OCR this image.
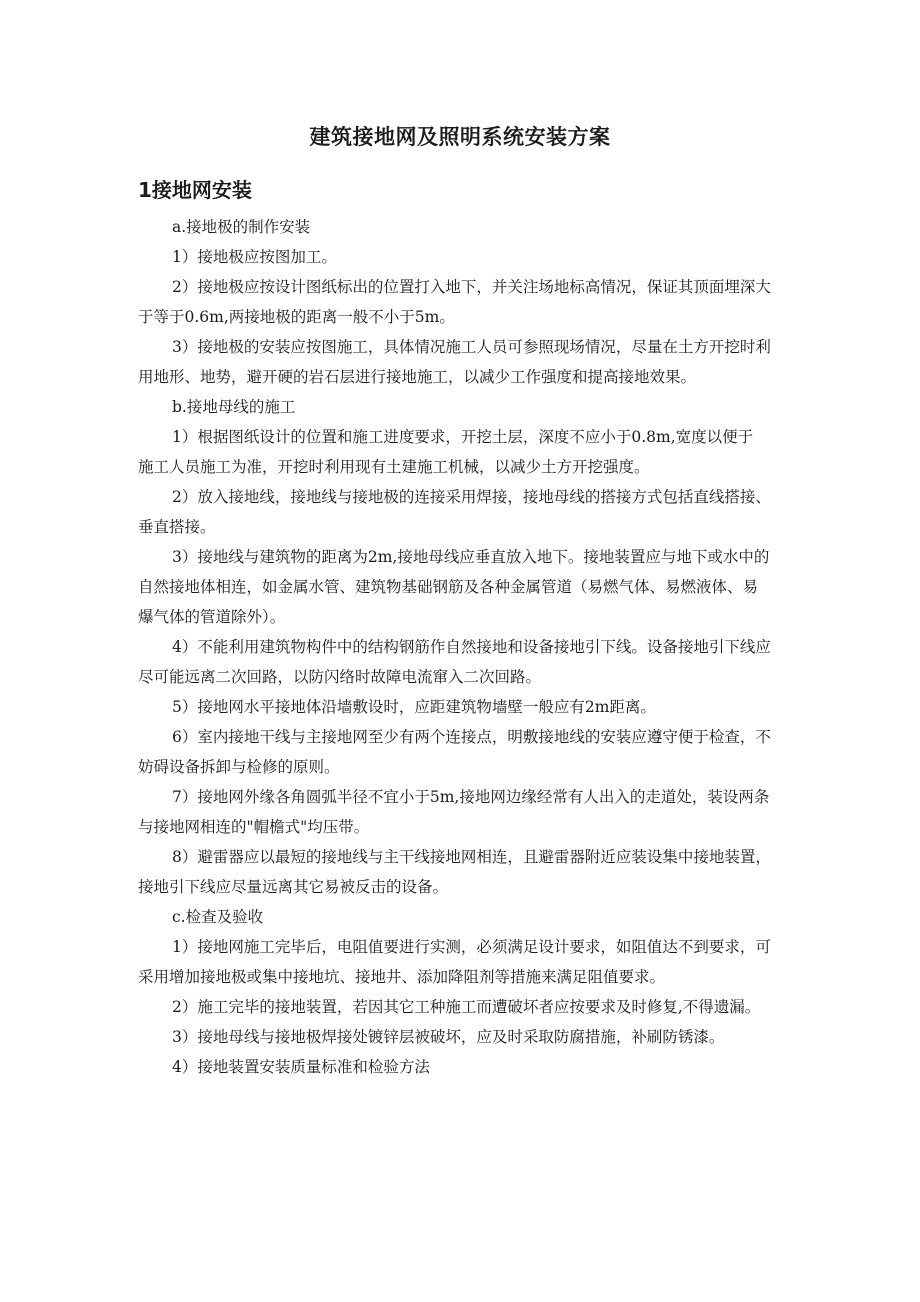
建筑接地网及照明系统安装方案
1接地网安装

a.接地极的制作安装

1）接地极应按图加工。

2）接地极应按设计图纸标出的位置打入地下，并关注场地标高情况，保证其顶面埋深大
于等于0.6m,两接地极的距离一般不小于5m。

3）接地极的安装应按图施工，具体情况施工人员可参照现场情况，尽量在土方开挖时利
用地形、地势，避开硬的岩石层进行接地施工，以减少工作强度和提高接地效果。

b.接地母线的施工

1）根据图纸设计的位置和施工进度要求，开挖土层，深度不应小于0.8m,宽度以便于
施工人员施工为准，开挖时利用现有土建施工机械，以减少土方开挖强度。

2）放入接地线，接地线与接地极的连接采用焊接，接地母线的搭接方式包括直线搭接、
垂直搭接。

3）接地线与建筑物的距离为2m,接地母线应垂直放入地下。接地装置应与地下或水中的
自然接地体相连，如金属水管、建筑物基础钢筋及各种金属管道（易燃气体、易燃液体、易
爆气体的管道除外）。

4）不能利用建筑物构件中的结构钢筋作自然接地和设备接地引下线。设备接地引下线应
尽可能远离二次回路，以防闪络时故障电流窜入二次回路。

5）接地网水平接地体沿墙敷设时，应距建筑物墙壁一般应有2m距离。

6）室内接地干线与主接地网至少有两个连接点，明敷接地线的安装应遵守便于检查，不
妨碍设备拆卸与检修的原则。

7）接地网外缘各角圆弧半径不宜小于5m,接地网边缘经常有人出入的走道处，装设两条
与接地网相连的"帽檐式"均压带。

8）避雷器应以最短的接地线与主干线接地网相连，且避雷器附近应装设集中接地装置，
接地引下线应尽量远离其它易被反击的设备。

c.检查及验收

1）接地网施工完毕后，电阻值要进行实测，必须满足设计要求，如阻值达不到要求，可
采用增加接地极或集中接地坑、接地井、添加降阻剂等措施来满足阻值要求。

2）施工完毕的接地装置，若因其它工种施工而遭破坏者应按要求及时修复,不得遗漏。

3）接地母线与接地极焊接处镀锌层被破坏，应及时采取防腐措施，补刷防锈漆。

4）接地装置安装质量标准和检验方法
